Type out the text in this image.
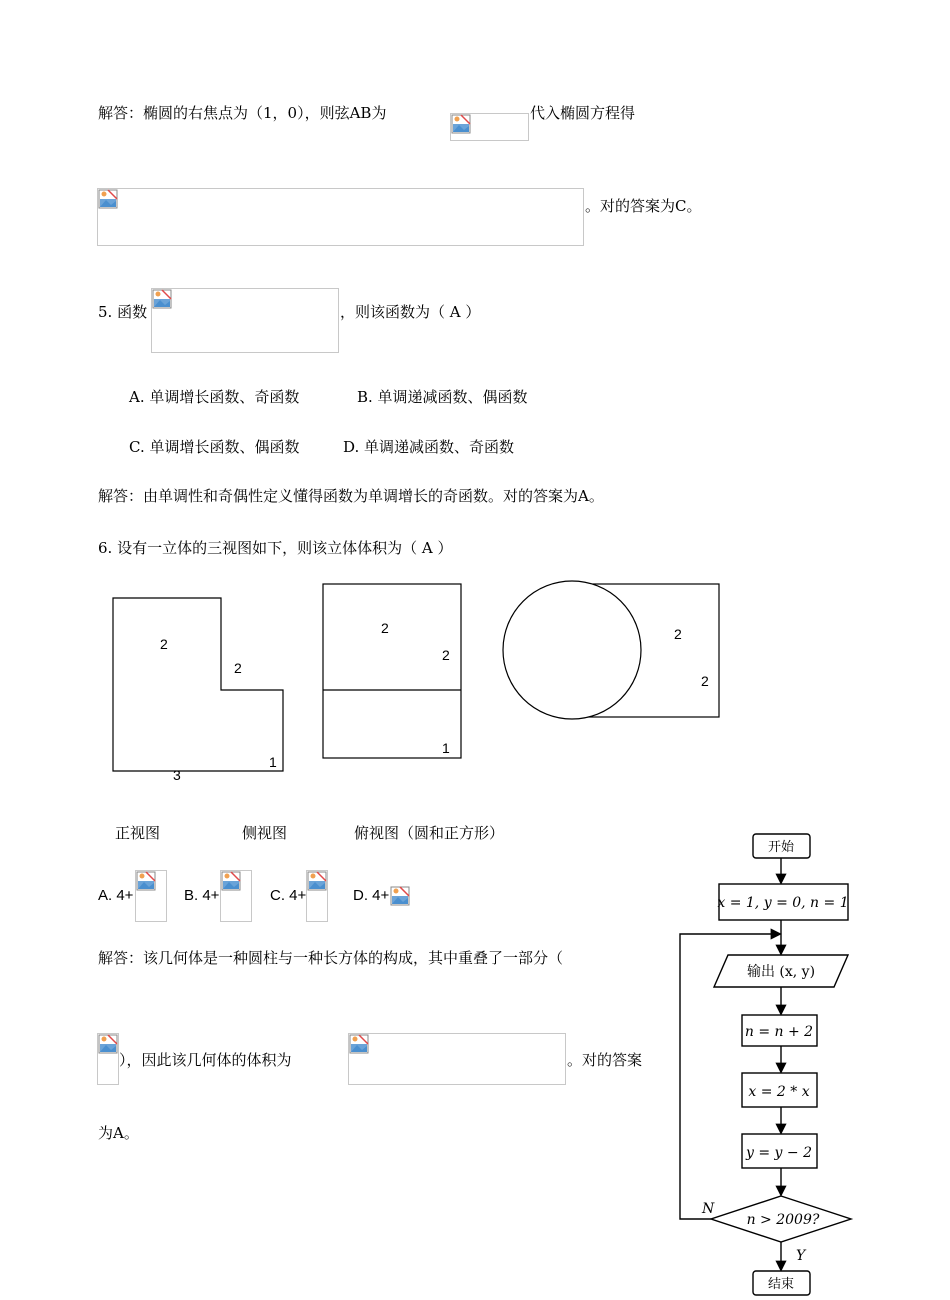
解答：椭圆的右焦点为（1，0），则弦AB为	代入椭圆方程得
。对的答案为C。
5. 函数	，则该函数为（ A ）
A. 单调增长函数、奇函数	B. 单调递减函数、偶函数
C. 单调增长函数、偶函数	D. 单调递减函数、奇函数
解答：由单调性和奇偶性定义懂得函数为单调增长的奇函数。对的答案为A。
6. 设有一立体的三视图如下，则该立体体积为（ A ）
2
2
1
3
2
2
1
2
2
正视图	侧视图	俯视图（圆和正方形）
A. 4+	B. 4+	C. 4+	D. 4+
解答：该几何体是一种圆柱与一种长方体的构成，其中重叠了一部分（
），因此该几何体的体积为	。对的答案
为A。
开始
x = 1, y = 0, n = 1
输出 (x, y)
n = n + 2
x = 2 * x
y = y − 2
n > 2009?
N
Y
结束
